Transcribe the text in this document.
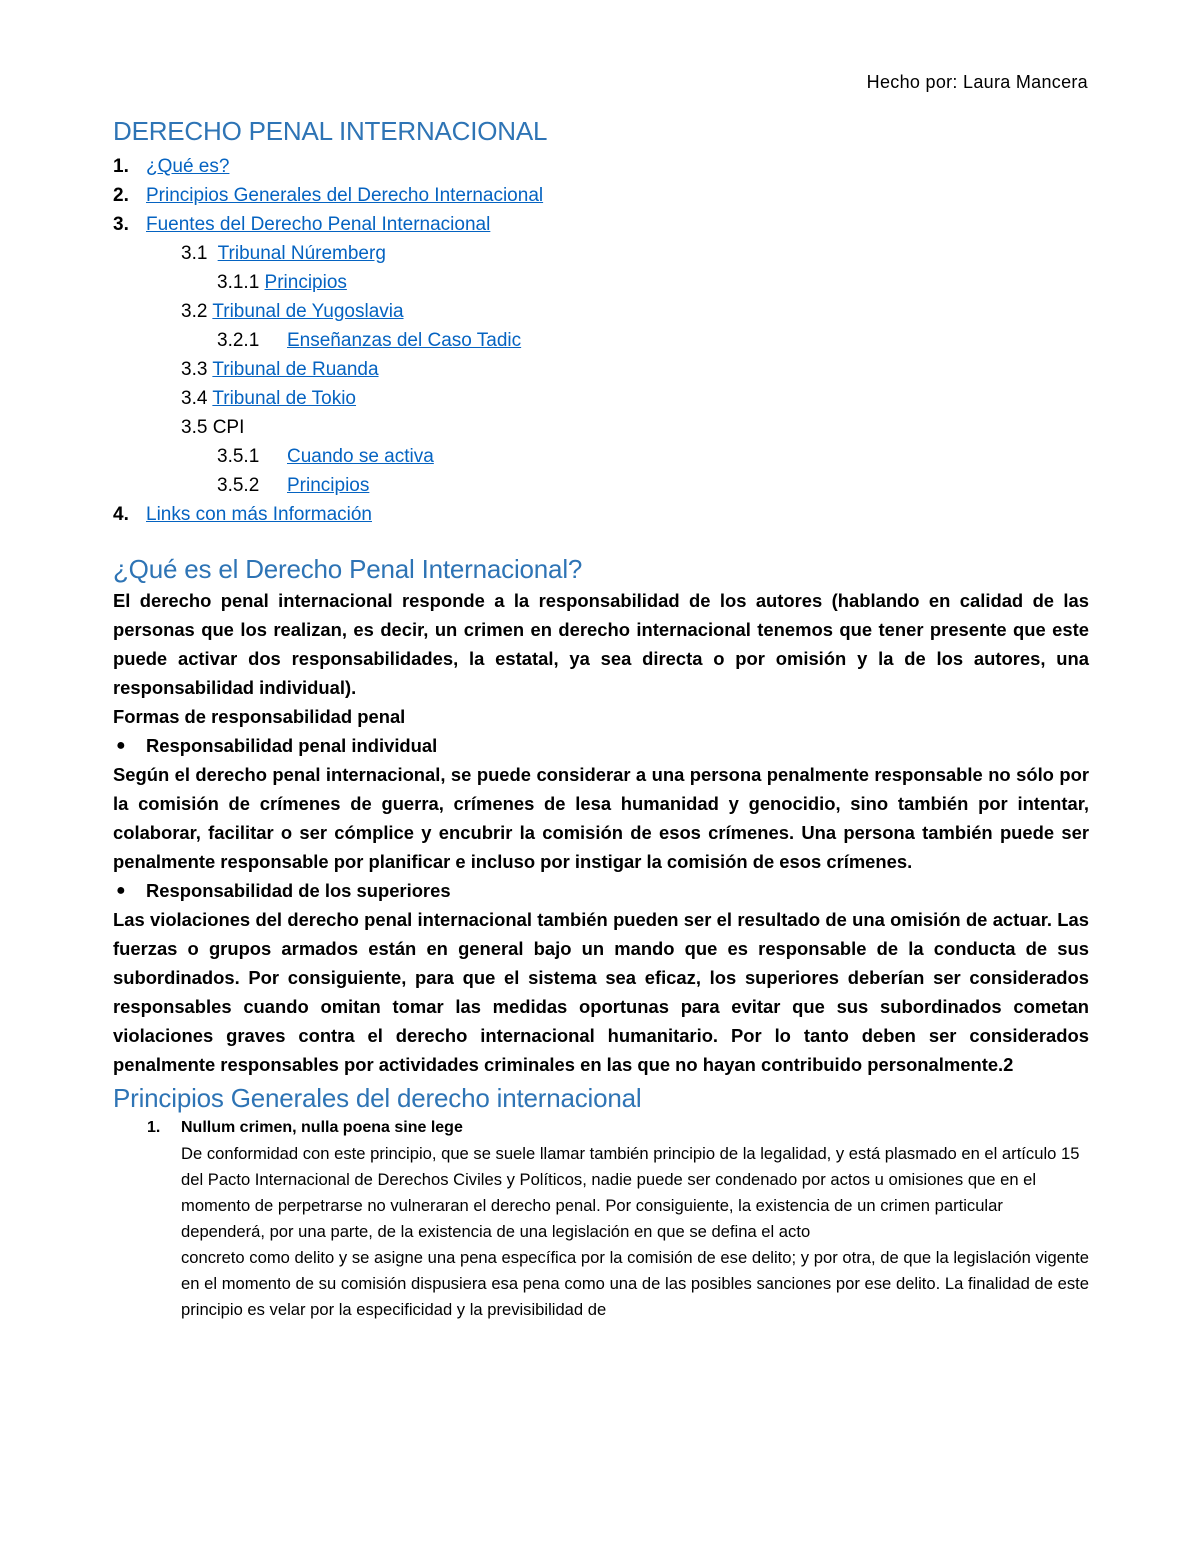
Hecho por: Laura Mancera
DERECHO PENAL INTERNACIONAL
1. ¿Qué es?
2. Principios Generales del Derecho Internacional
3. Fuentes del Derecho Penal Internacional
3.1 Tribunal Núremberg
3.1.1 Principios
3.2 Tribunal de Yugoslavia
3.2.1 Enseñanzas del Caso Tadic
3.3 Tribunal de Ruanda
3.4 Tribunal de Tokio
3.5 CPI
3.5.1 Cuando se activa
3.5.2 Principios
4. Links con más Información
¿Qué es el Derecho Penal Internacional?

El derecho penal internacional responde a la responsabilidad de los autores (hablando en calidad de las personas que los realizan, es decir, un crimen en derecho internacional tenemos que tener presente que este puede activar dos responsabilidades, la estatal, ya sea directa o por omisión y la de los autores, una responsabilidad individual).

Formas de responsabilidad penal

● Responsabilidad penal individual

Según el derecho penal internacional, se puede considerar a una persona penalmente responsable no sólo por la comisión de crímenes de guerra, crímenes de lesa humanidad y genocidio, sino también por intentar, colaborar, facilitar o ser cómplice y encubrir la comisión de esos crímenes. Una persona también puede ser penalmente responsable por planificar e incluso por instigar la comisión de esos crímenes.

● Responsabilidad de los superiores

Las violaciones del derecho penal internacional también pueden ser el resultado de una omisión de actuar. Las fuerzas o grupos armados están en general bajo un mando que es responsable de la conducta de sus subordinados. Por consiguiente, para que el sistema sea eficaz, los superiores deberían ser considerados responsables cuando omitan tomar las medidas oportunas para evitar que sus subordinados cometan violaciones graves contra el derecho internacional humanitario. Por lo tanto deben ser considerados penalmente responsables por actividades criminales en las que no hayan contribuido personalmente.2

Principios Generales del derecho internacional
1. Nullum crimen, nulla poena sine lege

De conformidad con este principio, que se suele llamar también principio de la legalidad, y está plasmado en el artículo 15 del Pacto Internacional de Derechos Civiles y Políticos, nadie puede ser condenado por actos u omisiones que en el momento de perpetrarse no vulneraran el derecho penal. Por consiguiente, la existencia de un crimen particular dependerá, por una parte, de la existencia de una legislación en que se defina el acto

concreto como delito y se asigne una pena específica por la comisión de ese delito; y por otra, de que la legislación vigente en el momento de su comisión dispusiera esa pena como una de las posibles sanciones por ese delito. La finalidad de este principio es velar por la especificidad y la previsibilidad de
